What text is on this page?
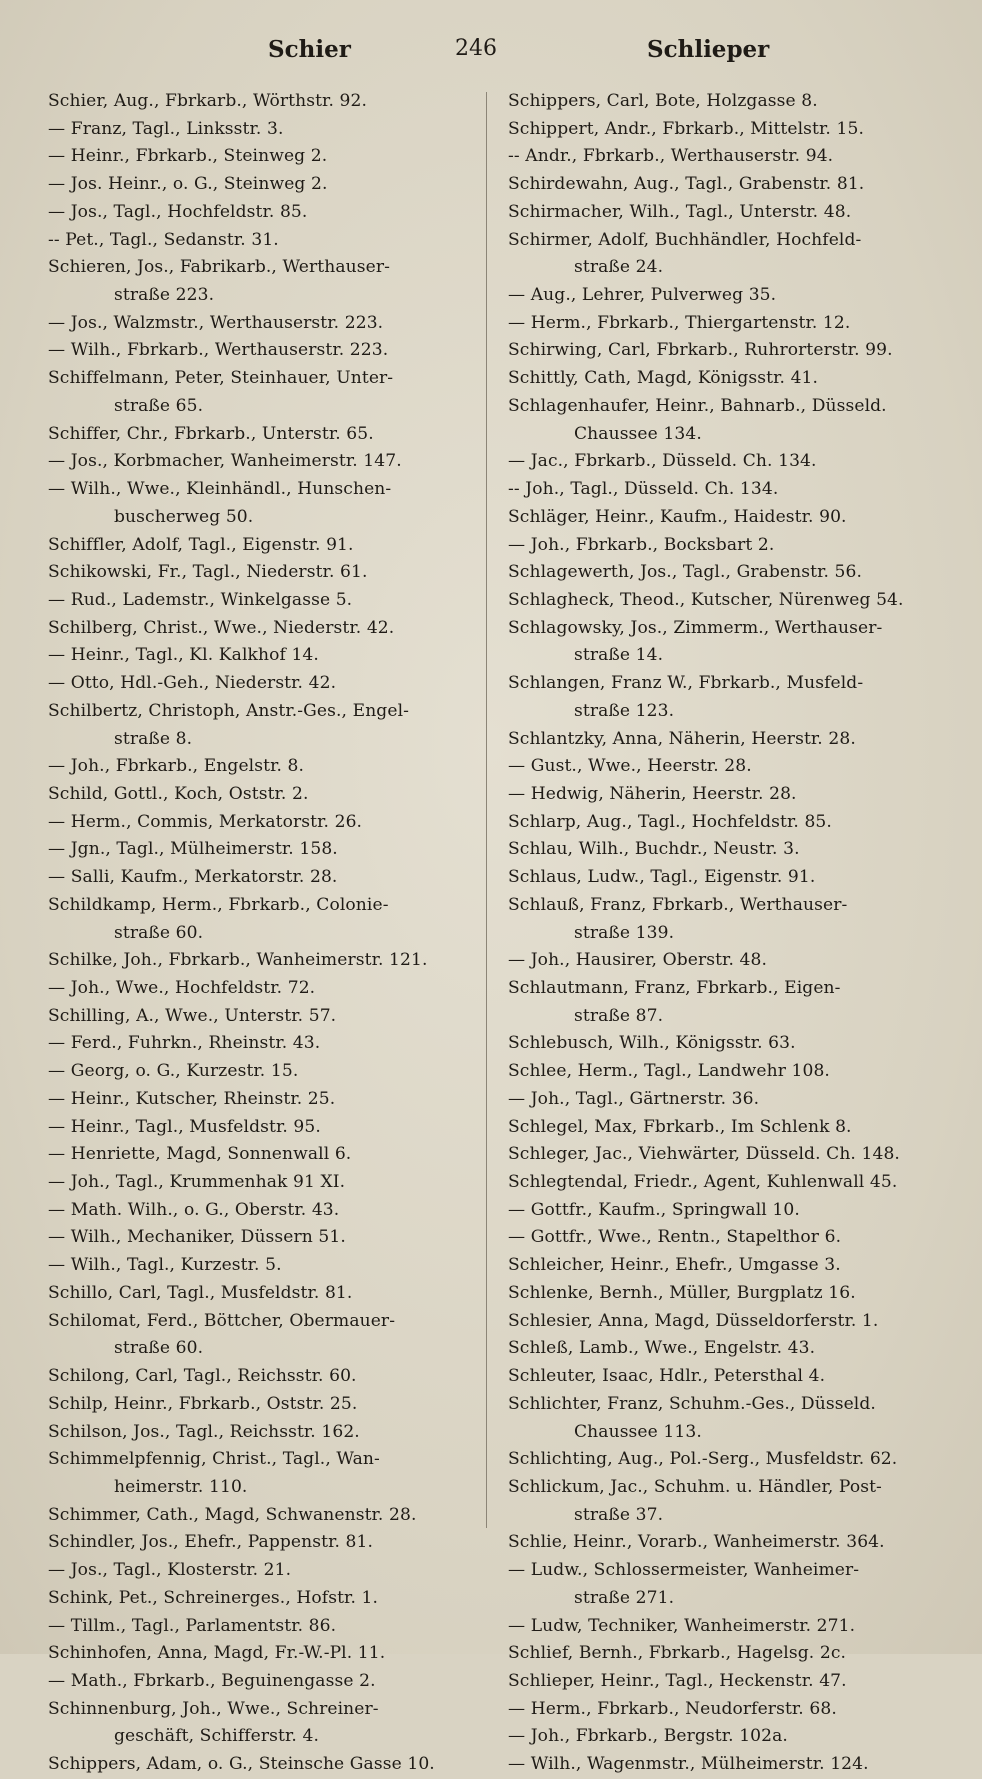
Schier	246	Schlieper
Schier, Aug., Fbrkarb., Wörthstr. 92.
— Franz, Tagl., Linksstr. 3.
— Heinr., Fbrkarb., Steinweg 2.
— Jos. Heinr., o. G., Steinweg 2.
— Jos., Tagl., Hochfeldstr. 85.
-- Pet., Tagl., Sedanstr. 31.
Schieren, Jos., Fabrikarb., Werthauser-
straße 223.
— Jos., Walzmstr., Werthauserstr. 223.
— Wilh., Fbrkarb., Werthauserstr. 223.
Schiffelmann, Peter, Steinhauer, Unter-
straße 65.
Schiffer, Chr., Fbrkarb., Unterstr. 65.
— Jos., Korbmacher, Wanheimerstr. 147.
— Wilh., Wwe., Kleinhändl., Hunschen-
buscherweg 50.
Schiffler, Adolf, Tagl., Eigenstr. 91.
Schikowski, Fr., Tagl., Niederstr. 61.
— Rud., Lademstr., Winkelgasse 5.
Schilberg, Christ., Wwe., Niederstr. 42.
— Heinr., Tagl., Kl. Kalkhof 14.
— Otto, Hdl.-Geh., Niederstr. 42.
Schilbertz, Christoph, Anstr.-Ges., Engel-
straße 8.
— Joh., Fbrkarb., Engelstr. 8.
Schild, Gottl., Koch, Oststr. 2.
— Herm., Commis, Merkatorstr. 26.
— Jgn., Tagl., Mülheimerstr. 158.
— Salli, Kaufm., Merkatorstr. 28.
Schildkamp, Herm., Fbrkarb., Colonie-
straße 60.
Schilke, Joh., Fbrkarb., Wanheimerstr. 121.
— Joh., Wwe., Hochfeldstr. 72.
Schilling, A., Wwe., Unterstr. 57.
— Ferd., Fuhrkn., Rheinstr. 43.
— Georg, o. G., Kurzestr. 15.
— Heinr., Kutscher, Rheinstr. 25.
— Heinr., Tagl., Musfeldstr. 95.
— Henriette, Magd, Sonnenwall 6.
— Joh., Tagl., Krummenhak 91 XI.
— Math. Wilh., o. G., Oberstr. 43.
— Wilh., Mechaniker, Düssern 51.
— Wilh., Tagl., Kurzestr. 5.
Schillo, Carl, Tagl., Musfeldstr. 81.
Schilomat, Ferd., Böttcher, Obermauer-
straße 60.
Schilong, Carl, Tagl., Reichsstr. 60.
Schilp, Heinr., Fbrkarb., Oststr. 25.
Schilson, Jos., Tagl., Reichsstr. 162.
Schimmelpfennig, Christ., Tagl., Wan-
heimerstr. 110.
Schimmer, Cath., Magd, Schwanenstr. 28.
Schindler, Jos., Ehefr., Pappenstr. 81.
— Jos., Tagl., Klosterstr. 21.
Schink, Pet., Schreinerges., Hofstr. 1.
— Tillm., Tagl., Parlamentstr. 86.
Schinhofen, Anna, Magd, Fr.-W.-Pl. 11.
— Math., Fbrkarb., Beguinengasse 2.
Schinnenburg, Joh., Wwe., Schreiner-
geschäft, Schifferstr. 4.
Schippers, Adam, o. G., Steinsche Gasse 10.
Schippers, Carl, Bote, Holzgasse 8.
Schippert, Andr., Fbrkarb., Mittelstr. 15.
-- Andr., Fbrkarb., Werthauserstr. 94.
Schirdewahn, Aug., Tagl., Grabenstr. 81.
Schirmacher, Wilh., Tagl., Unterstr. 48.
Schirmer, Adolf, Buchhändler, Hochfeld-
straße 24.
— Aug., Lehrer, Pulverweg 35.
— Herm., Fbrkarb., Thiergartenstr. 12.
Schirwing, Carl, Fbrkarb., Ruhrorterstr. 99.
Schittly, Cath, Magd, Königsstr. 41.
Schlagenhaufer, Heinr., Bahnarb., Düsseld.
Chaussee 134.
— Jac., Fbrkarb., Düsseld. Ch. 134.
-- Joh., Tagl., Düsseld. Ch. 134.
Schläger, Heinr., Kaufm., Haidestr. 90.
— Joh., Fbrkarb., Bocksbart 2.
Schlagewerth, Jos., Tagl., Grabenstr. 56.
Schlagheck, Theod., Kutscher, Nürenweg 54.
Schlagowsky, Jos., Zimmerm., Werthauser-
straße 14.
Schlangen, Franz W., Fbrkarb., Musfeld-
straße 123.
Schlantzky, Anna, Näherin, Heerstr. 28.
— Gust., Wwe., Heerstr. 28.
— Hedwig, Näherin, Heerstr. 28.
Schlarp, Aug., Tagl., Hochfeldstr. 85.
Schlau, Wilh., Buchdr., Neustr. 3.
Schlaus, Ludw., Tagl., Eigenstr. 91.
Schlauß, Franz, Fbrkarb., Werthauser-
straße 139.
— Joh., Hausirer, Oberstr. 48.
Schlautmann, Franz, Fbrkarb., Eigen-
straße 87.
Schlebusch, Wilh., Königsstr. 63.
Schlee, Herm., Tagl., Landwehr 108.
— Joh., Tagl., Gärtnerstr. 36.
Schlegel, Max, Fbrkarb., Im Schlenk 8.
Schleger, Jac., Viehwärter, Düsseld. Ch. 148.
Schlegtendal, Friedr., Agent, Kuhlenwall 45.
— Gottfr., Kaufm., Springwall 10.
— Gottfr., Wwe., Rentn., Stapelthor 6.
Schleicher, Heinr., Ehefr., Umgasse 3.
Schlenke, Bernh., Müller, Burgplatz 16.
Schlesier, Anna, Magd, Düsseldorferstr. 1.
Schleß, Lamb., Wwe., Engelstr. 43.
Schleuter, Isaac, Hdlr., Petersthal 4.
Schlichter, Franz, Schuhm.-Ges., Düsseld.
Chaussee 113.
Schlichting, Aug., Pol.-Serg., Musfeldstr. 62.
Schlickum, Jac., Schuhm. u. Händler, Post-
straße 37.
Schlie, Heinr., Vorarb., Wanheimerstr. 364.
— Ludw., Schlossermeister, Wanheimer-
straße 271.
— Ludw, Techniker, Wanheimerstr. 271.
Schlief, Bernh., Fbrkarb., Hagelsg. 2c.
Schlieper, Heinr., Tagl., Heckenstr. 47.
— Herm., Fbrkarb., Neudorferstr. 68.
— Joh., Fbrkarb., Bergstr. 102a.
— Wilh., Wagenmstr., Mülheimerstr. 124.
